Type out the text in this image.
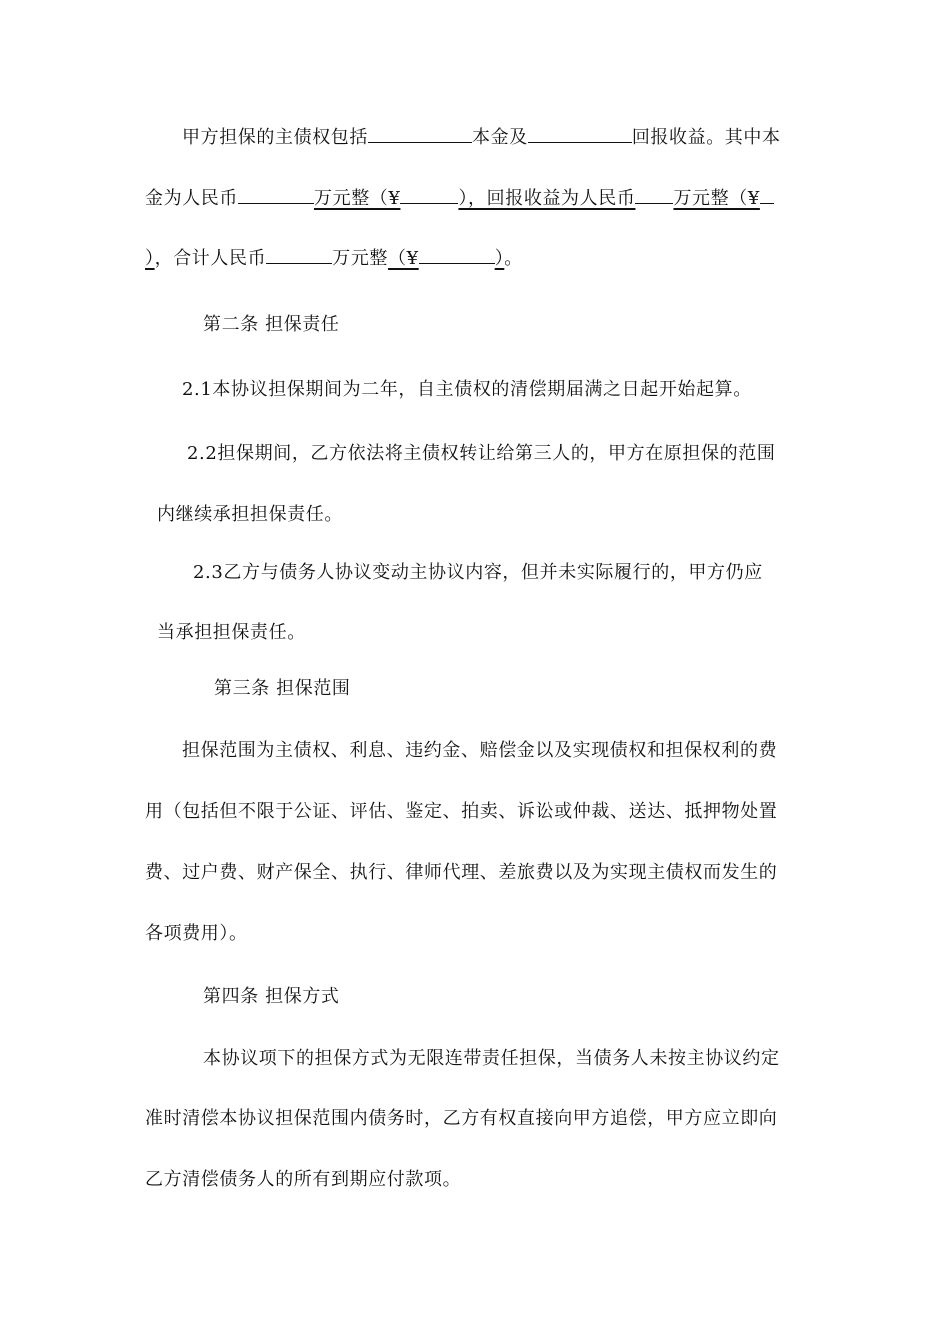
甲方担保的主债权包括	本金及	回报收益。其中本
金为人民币	万元整（¥	），回报收益为人民币 万元整（¥
），合计人民币	万元整（¥	）。
第二条 担保责任
2.1本协议担保期间为二年，自主债权的清偿期届满之日起开始起算。
2.2担保期间，乙方依法将主债权转让给第三人的，甲方在原担保的范围
内继续承担担保责任。
2.3乙方与债务人协议变动主协议内容，但并未实际履行的，甲方仍应
当承担担保责任。
第三条 担保范围
担保范围为主债权、利息、违约金、赔偿金以及实现债权和担保权利的费
用（包括但不限于公证、评估、鉴定、拍卖、诉讼或仲裁、送达、抵押物处置
费、过户费、财产保全、执行、律师代理、差旅费以及为实现主债权而发生的
各项费用）。
第四条 担保方式
本协议项下的担保方式为无限连带责任担保，当债务人未按主协议约定
准时清偿本协议担保范围内债务时，乙方有权直接向甲方追偿，甲方应立即向
乙方清偿债务人的所有到期应付款项。
